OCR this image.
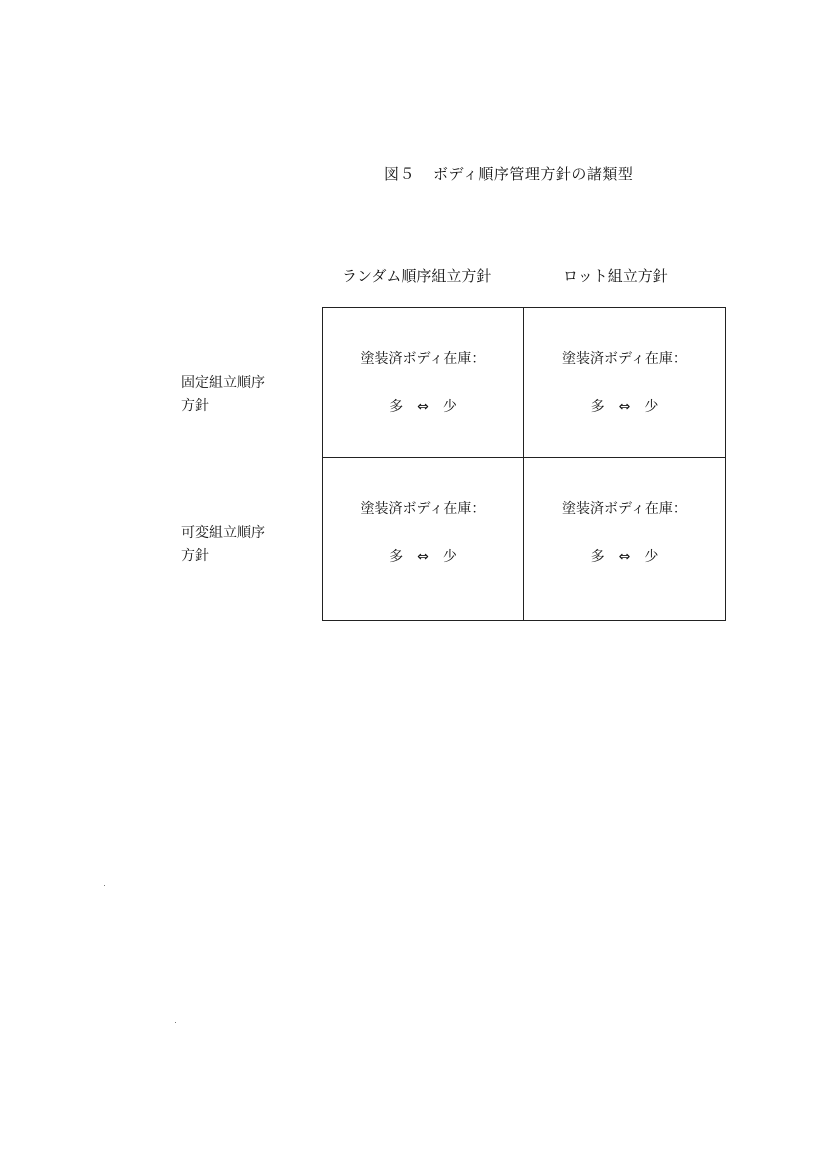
図５ ボディ順序管理方針の諸類型
ランダム順序組立方針	ロット組立方針
固定組立順序
方針
可変組立順序
方針
塗装済ボディ在庫：
多 ⇔ 少
塗装済ボディ在庫：
多 ⇔ 少
塗装済ボディ在庫：
多 ⇔ 少
塗装済ボディ在庫：
多 ⇔ 少
